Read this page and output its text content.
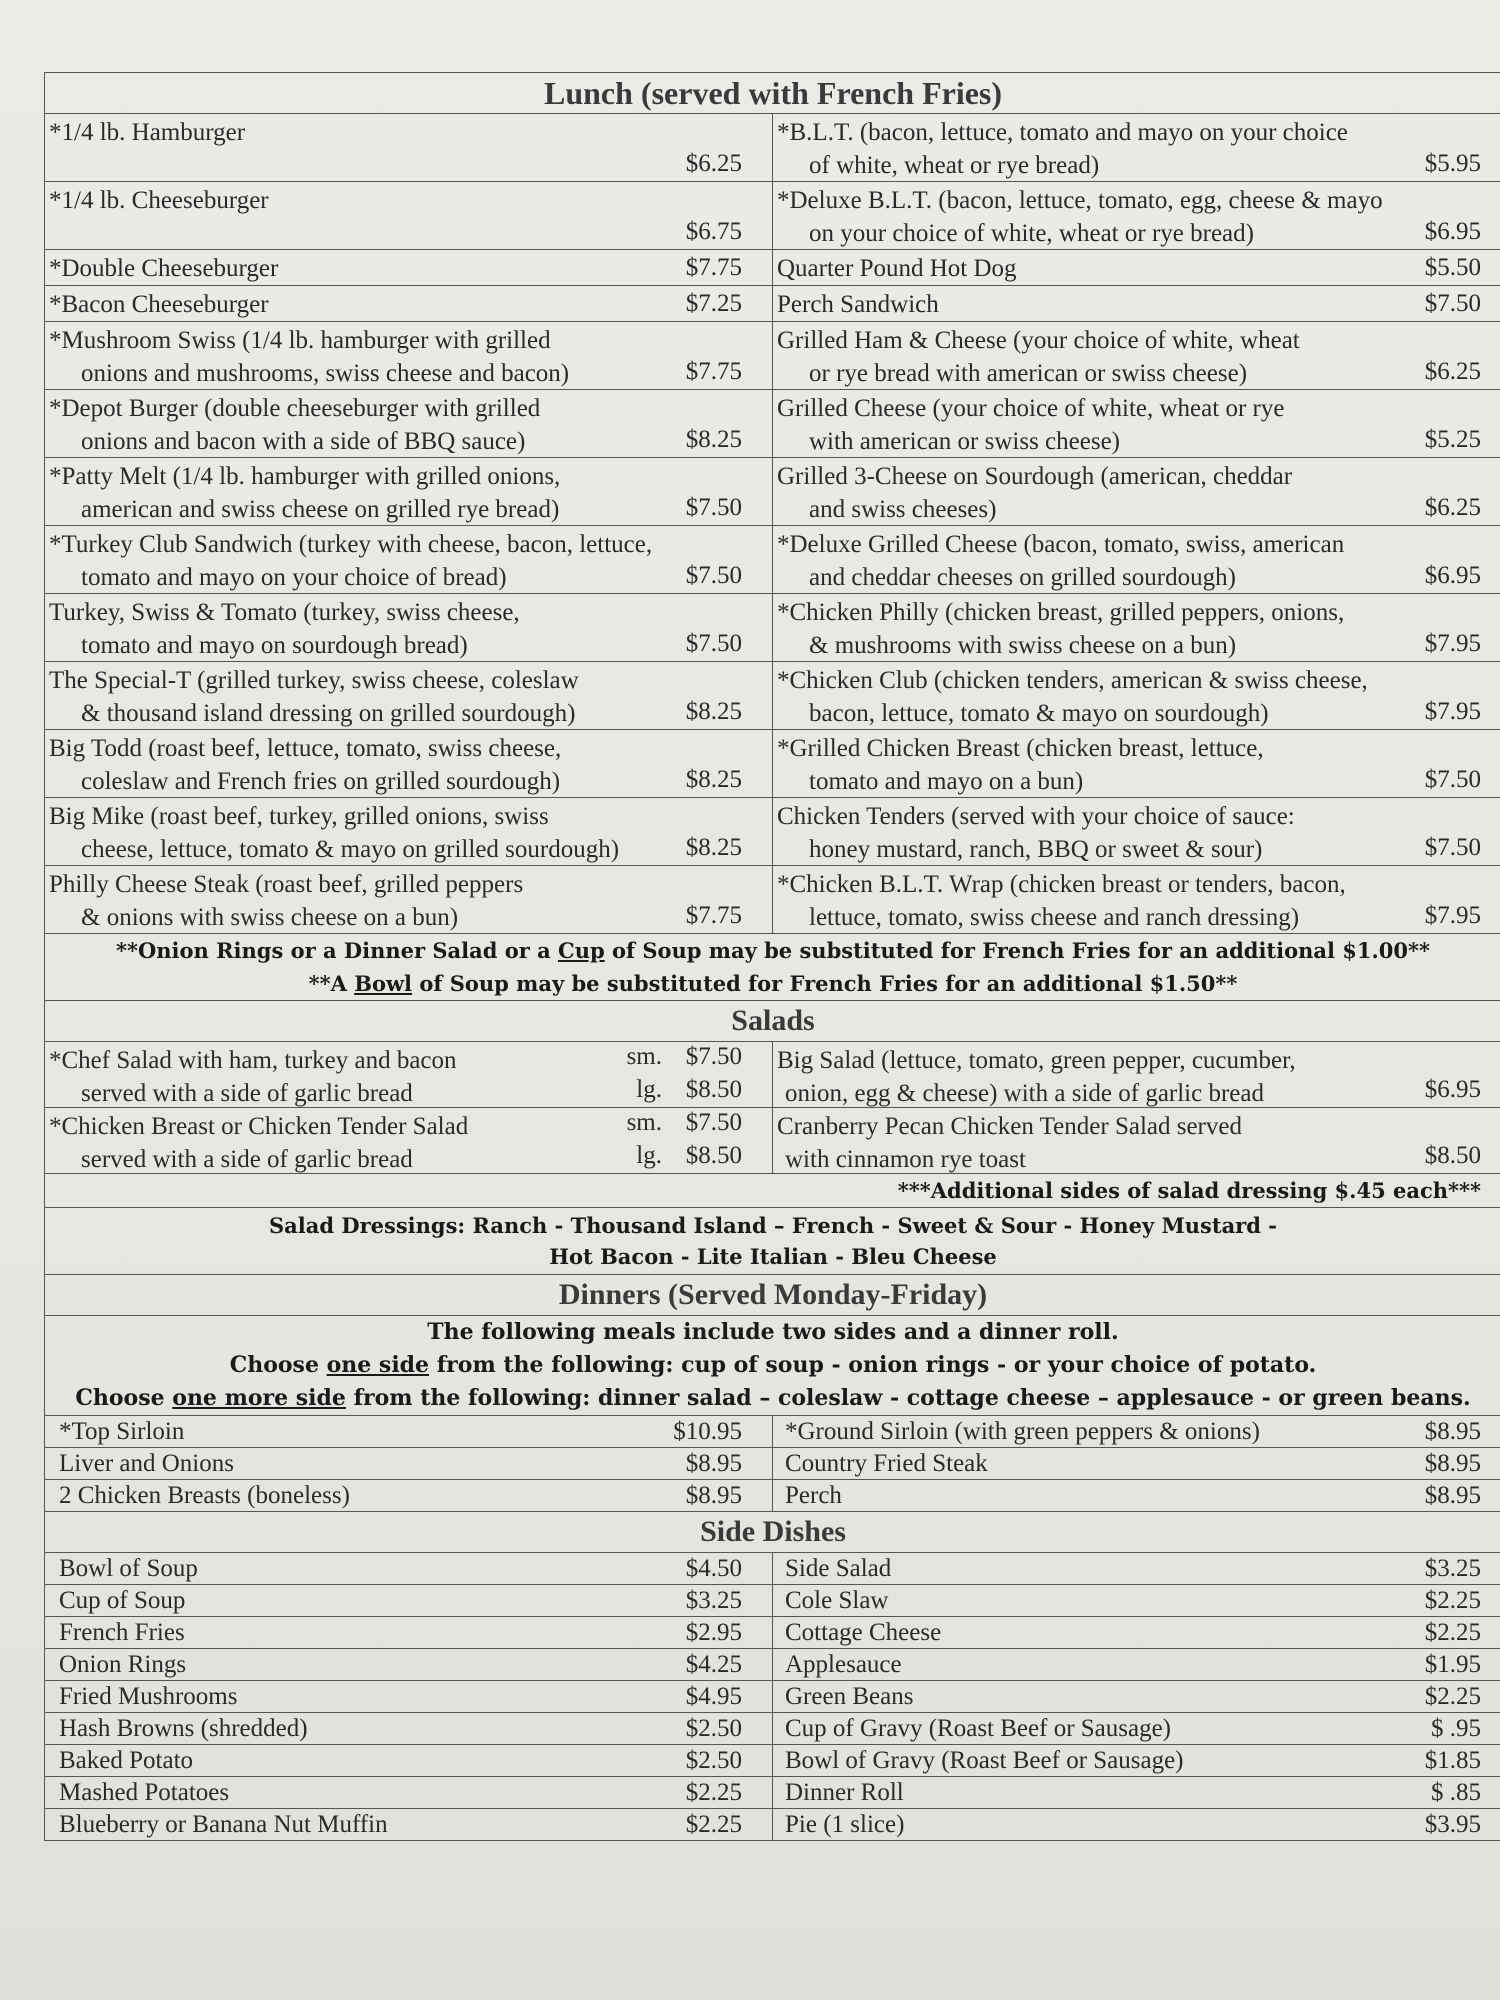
Lunch (served with French Fries)
*1/4 lb. Hamburger
$6.25
*B.L.T. (bacon, lettuce, tomato and mayo on your choice
of white, wheat or rye bread)	$5.95
*1/4 lb. Cheeseburger
$6.75
*Deluxe B.L.T. (bacon, lettuce, tomato, egg, cheese & mayo
on your choice of white, wheat or rye bread)	$6.95
*Double Cheeseburger	$7.75 Quarter Pound Hot Dog	$5.50
*Bacon Cheeseburger	$7.25 Perch Sandwich	$7.50
*Mushroom Swiss (1/4 lb. hamburger with grilled
onions and mushrooms, swiss cheese and bacon)	$7.75
Grilled Ham & Cheese (your choice of white, wheat
or rye bread with american or swiss cheese)	$6.25
*Depot Burger (double cheeseburger with grilled
onions and bacon with a side of BBQ sauce)	$8.25
Grilled Cheese (your choice of white, wheat or rye
with american or swiss cheese)	$5.25
*Patty Melt (1/4 lb. hamburger with grilled onions,
american and swiss cheese on grilled rye bread)	$7.50
Grilled 3-Cheese on Sourdough (american, cheddar
and swiss cheeses)	$6.25
*Turkey Club Sandwich (turkey with cheese, bacon, lettuce,
tomato and mayo on your choice of bread)	$7.50
*Deluxe Grilled Cheese (bacon, tomato, swiss, american
and cheddar cheeses on grilled sourdough)	$6.95
Turkey, Swiss & Tomato (turkey, swiss cheese,
tomato and mayo on sourdough bread)	$7.50
*Chicken Philly (chicken breast, grilled peppers, onions,
& mushrooms with swiss cheese on a bun)	$7.95
The Special-T (grilled turkey, swiss cheese, coleslaw
& thousand island dressing on grilled sourdough)	$8.25
*Chicken Club (chicken tenders, american & swiss cheese,
bacon, lettuce, tomato & mayo on sourdough)	$7.95
Big Todd (roast beef, lettuce, tomato, swiss cheese,
coleslaw and French fries on grilled sourdough)	$8.25
*Grilled Chicken Breast (chicken breast, lettuce,
tomato and mayo on a bun)	$7.50
Big Mike (roast beef, turkey, grilled onions, swiss
cheese, lettuce, tomato & mayo on grilled sourdough)	$8.25
Chicken Tenders (served with your choice of sauce:
honey mustard, ranch, BBQ or sweet & sour)	$7.50
Philly Cheese Steak (roast beef, grilled peppers
& onions with swiss cheese on a bun)	$7.75
*Chicken B.L.T. Wrap (chicken breast or tenders, bacon,
lettuce, tomato, swiss cheese and ranch dressing)	$7.95
**Onion Rings or a Dinner Salad or a Cup of Soup may be substituted for French Fries for an additional $1.00**
**A Bowl of Soup may be substituted for French Fries for an additional $1.50**
Salads
*Chef Salad with ham, turkey and bacon
served with a side of garlic bread
sm. $7.50
lg. $8.50
Big Salad (lettuce, tomato, green pepper, cucumber,
onion, egg & cheese) with a side of garlic bread	$6.95
*Chicken Breast or Chicken Tender Salad
served with a side of garlic bread
sm. $7.50
lg. $8.50
Cranberry Pecan Chicken Tender Salad served
with cinnamon rye toast	$8.50
***Additional sides of salad dressing $.45 each***
Salad Dressings: Ranch - Thousand Island – French - Sweet & Sour - Honey Mustard -
Hot Bacon - Lite Italian - Bleu Cheese
Dinners (Served Monday-Friday)
The following meals include two sides and a dinner roll.
Choose one side from the following: cup of soup - onion rings - or your choice of potato.
Choose one more side from the following: dinner salad – coleslaw - cottage cheese – applesauce - or green beans.
*Top Sirloin	$10.95	*Ground Sirloin (with green peppers & onions)	$8.95
Liver and Onions	$8.95	Country Fried Steak	$8.95
2 Chicken Breasts (boneless)	$8.95	Perch	$8.95
Side Dishes
Bowl of Soup	$4.50	Side Salad	$3.25
Cup of Soup	$3.25	Cole Slaw	$2.25
French Fries	$2.95	Cottage Cheese	$2.25
Onion Rings	$4.25	Applesauce	$1.95
Fried Mushrooms	$4.95	Green Beans	$2.25
Hash Browns (shredded)	$2.50	Cup of Gravy (Roast Beef or Sausage)	$ .95
Baked Potato	$2.50	Bowl of Gravy (Roast Beef or Sausage)	$1.85
Mashed Potatoes	$2.25	Dinner Roll	$ .85
Blueberry or Banana Nut Muffin	$2.25	Pie (1 slice)	$3.95
